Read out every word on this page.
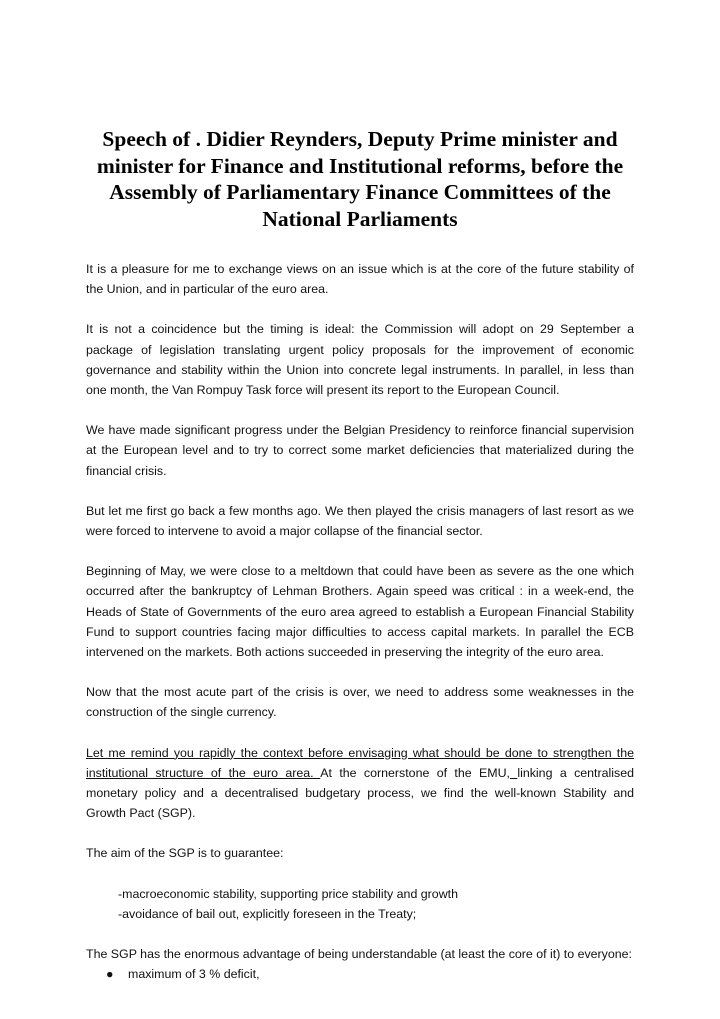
Speech of . Didier Reynders, Deputy Prime minister and minister for Finance and Institutional reforms, before the Assembly of Parliamentary Finance Committees of the National Parliaments

It is a pleasure for me to exchange views on an issue which is at the core of the future stability of the Union, and in particular of the euro area.

It is not a coincidence but the timing is ideal: the Commission will adopt on 29 September a package of legislation translating urgent policy proposals for the improvement of economic governance and stability within the Union into concrete legal instruments. In parallel, in less than one month, the Van Rompuy Task force will present its report to the European Council.

We have made significant progress under the Belgian Presidency to reinforce financial supervision at the European level and to try to correct some market deficiencies that materialized during the financial crisis.

But let me first go back a few months ago. We then played the crisis managers of last resort as we were forced to intervene to avoid a major collapse of the financial sector.

Beginning of May, we were close to a meltdown that could have been as severe as the one which occurred after the bankruptcy of Lehman Brothers. Again speed was critical : in a week-end, the Heads of State of Governments of the euro area agreed to establish a European Financial Stability Fund to support countries facing major difficulties to access capital markets. In parallel the ECB intervened on the markets. Both actions succeeded in preserving the integrity of the euro area.

Now that the most acute part of the crisis is over, we need to address some weaknesses in the construction of the single currency.

Let me remind you rapidly the context before envisaging what should be done to strengthen the institutional structure of the euro area. At the cornerstone of the EMU, linking a centralised monetary policy and a decentralised budgetary process, we find the well-known Stability and Growth Pact (SGP).

The aim of the SGP is to guarantee:

-macroeconomic stability, supporting price stability and growth
-avoidance of bail out, explicitly foreseen in the Treaty;

The SGP has the enormous advantage of being understandable (at least the core of it) to everyone:

● maximum of 3 % deficit,
